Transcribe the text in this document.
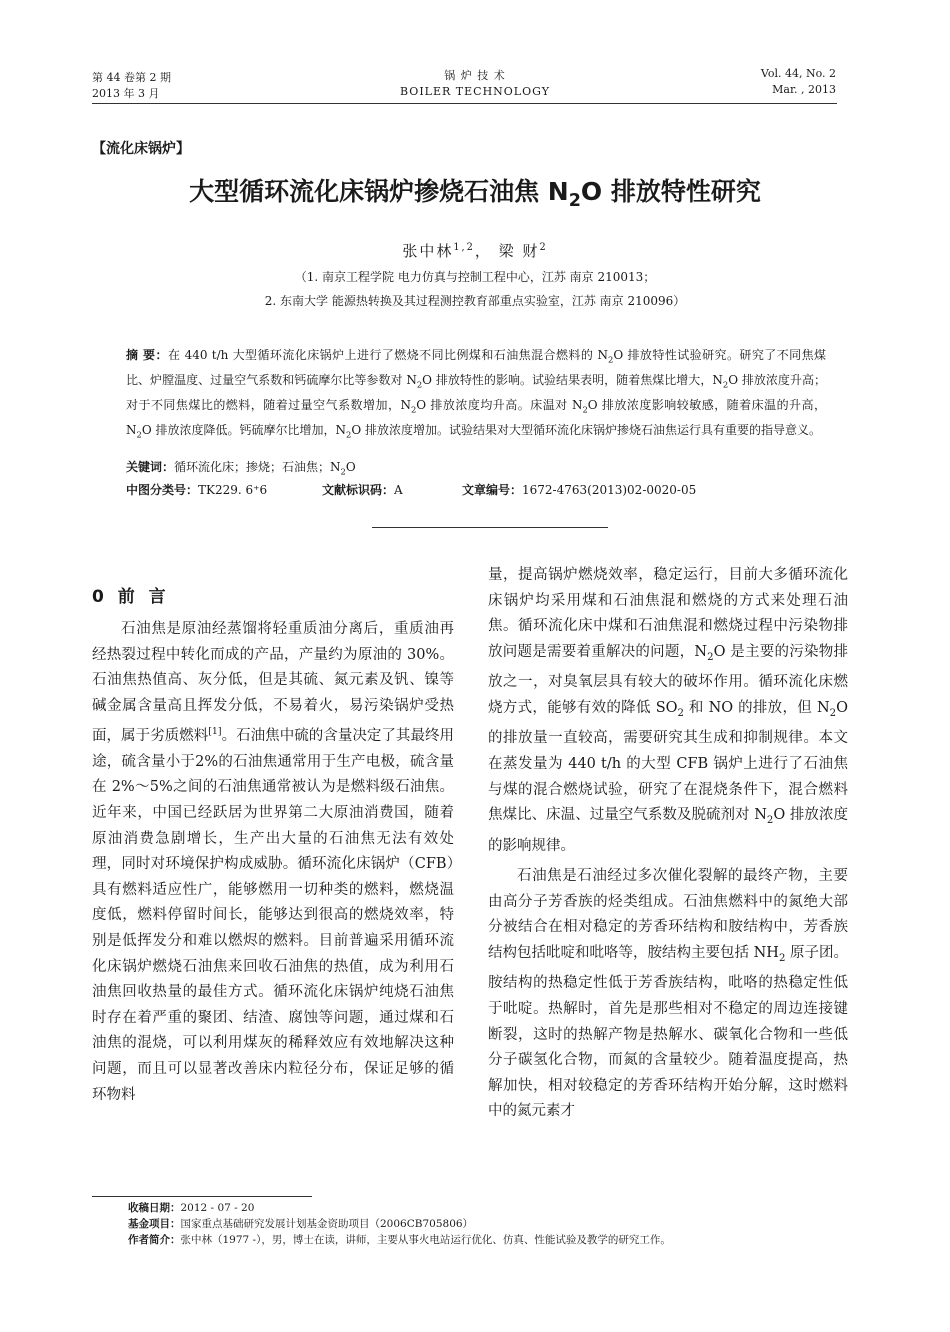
第 44 卷第 2 期
2013 年 3 月
锅 炉 技 术
BOILER TECHNOLOGY
Vol. 44, No. 2
Mar. , 2013
【流化床锅炉】
大型循环流化床锅炉掺烧石油焦 $N_2O$ 排放特性研究
张中林$^{1,2}$， 梁 财$^2$
（1. 南京工程学院 电力仿真与控制工程中心，江苏 南京 210013；
2. 东南大学 能源热转换及其过程测控教育部重点实验室，江苏 南京 210096）
摘 要：在 440 t/h 大型循环流化床锅炉上进行了燃烧不同比例煤和石油焦混合燃料的 $N_2O$ 排放特性试验研究。研究了不同焦煤比、炉膛温度、过量空气系数和钙硫摩尔比等参数对 $N_2O$ 排放特性的影响。试验结果表明，随着焦煤比增大，$N_2O$ 排放浓度升高；对于不同焦煤比的燃料，随着过量空气系数增加，$N_2O$ 排放浓度均升高。床温对 $N_2O$ 排放浓度影响较敏感，随着床温的升高，$N_2O$ 排放浓度降低。钙硫摩尔比增加，$N_2O$ 排放浓度增加。试验结果对大型循环流化床锅炉掺烧石油焦运行具有重要的指导意义。
关键词：循环流化床；掺烧；石油焦；$N_2O$
中图分类号：TK229. 6⁺6	文献标识码：A	文章编号：1672-4763(2013)02-0020-05
0 前 言

石油焦是原油经蒸馏将轻重质油分离后，重质油再经热裂过程中转化而成的产品，产量约为原油的 30%。石油焦热值高、灰分低，但是其硫、氮元素及钒、镍等碱金属含量高且挥发分低，不易着火，易污染锅炉受热面，属于劣质燃料[1]。石油焦中硫的含量决定了其最终用途，硫含量小于2%的石油焦通常用于生产电极，硫含量在 2%～5%之间的石油焦通常被认为是燃料级石油焦。近年来，中国已经跃居为世界第二大原油消费国，随着原油消费急剧增长，生产出大量的石油焦无法有效处理，同时对环境保护构成威胁。循环流化床锅炉（CFB）具有燃料适应性广，能够燃用一切种类的燃料，燃烧温度低，燃料停留时间长，能够达到很高的燃烧效率，特别是低挥发分和难以燃烬的燃料。目前普遍采用循环流化床锅炉燃烧石油焦来回收石油焦的热值，成为利用石油焦回收热量的最佳方式。循环流化床锅炉纯烧石油焦时存在着严重的聚团、结渣、腐蚀等问题，通过煤和石油焦的混烧，可以利用煤灰的稀释效应有效地解决这种问题，而且可以显著改善床内粒径分布，保证足够的循环物料

量，提高锅炉燃烧效率，稳定运行，目前大多循环流化床锅炉均采用煤和石油焦混和燃烧的方式来处理石油焦。循环流化床中煤和石油焦混和燃烧过程中污染物排放问题是需要着重解决的问题，$N_2O$ 是主要的污染物排放之一，对臭氧层具有较大的破坏作用。循环流化床燃烧方式，能够有效的降低 $SO_2$ 和 NO 的排放，但 $N_2O$ 的排放量一直较高，需要研究其生成和抑制规律。本文在蒸发量为 440 t/h 的大型 CFB 锅炉上进行了石油焦与煤的混合燃烧试验，研究了在混烧条件下，混合燃料焦煤比、床温、过量空气系数及脱硫剂对 $N_2O$ 排放浓度的影响规律。

石油焦是石油经过多次催化裂解的最终产物，主要由高分子芳香族的烃类组成。石油焦燃料中的氮绝大部分被结合在相对稳定的芳香环结构和胺结构中，芳香族结构包括吡啶和吡咯等，胺结构主要包括 $NH_2$ 原子团。胺结构的热稳定性低于芳香族结构，吡咯的热稳定性低于吡啶。热解时，首先是那些相对不稳定的周边连接键断裂，这时的热解产物是热解水、碳氧化合物和一些低分子碳氢化合物，而氮的含量较少。随着温度提高，热解加快，相对较稳定的芳香环结构开始分解，这时燃料中的氮元素才

收稿日期：2012 - 07 - 20
基金项目：国家重点基础研究发展计划基金资助项目（2006CB705806）
作者简介：张中林（1977 -），男，博士在读，讲师，主要从事火电站运行优化、仿真、性能试验及教学的研究工作。
